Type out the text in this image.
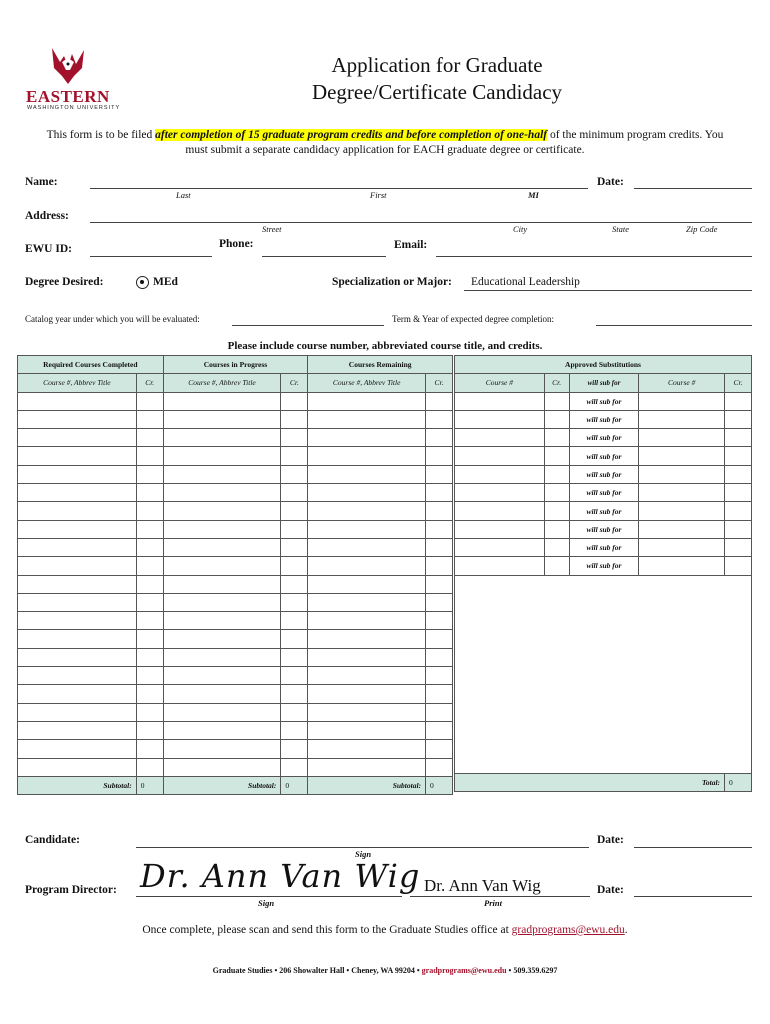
EASTERN
WASHINGTON UNIVERSITY
Application for Graduate
Degree/Certificate Candidacy
This form is to be filed after completion of 15 graduate program credits and before completion of one-half of the minimum program credits. You must submit a separate candidacy application for EACH graduate degree or certificate.
Name:	Date:
Last	First	MI
Address:
Street	City	State	Zip Code
EWU ID:	Phone:	Email:
Degree Desired:	MEd	Specialization or Major: Educational Leadership
Catalog year under which you will be evaluated:	Term & Year of expected degree completion:
Please include course number, abbreviated course title, and credits.
Required Courses Completed		Courses in Progress		Courses Remaining	
Course #, Abbrev Title	Cr.	Course #, Abbrev Title	Cr.	Course #, Abbrev Title	Cr.

Subtotal:	0	Subtotal:	0	Subtotal:	0
Approved Substitutions				
Course #	Cr.	will sub for	Course #	Cr.
		will sub for		
		will sub for		
		will sub for		
		will sub for		
		will sub for		
		will sub for		
		will sub for		
		will sub for		
		will sub for		
		will sub for		

Total:				0
Candidate:
Sign
Date:
Program Director: Dr. Ann Van Wig
Sign
Dr. Ann Van Wig
Print
Date:
Once complete, please scan and send this form to the Graduate Studies office at gradprograms@ewu.edu.
Graduate Studies • 206 Showalter Hall • Cheney, WA 99204 • gradprograms@ewu.edu • 509.359.6297
